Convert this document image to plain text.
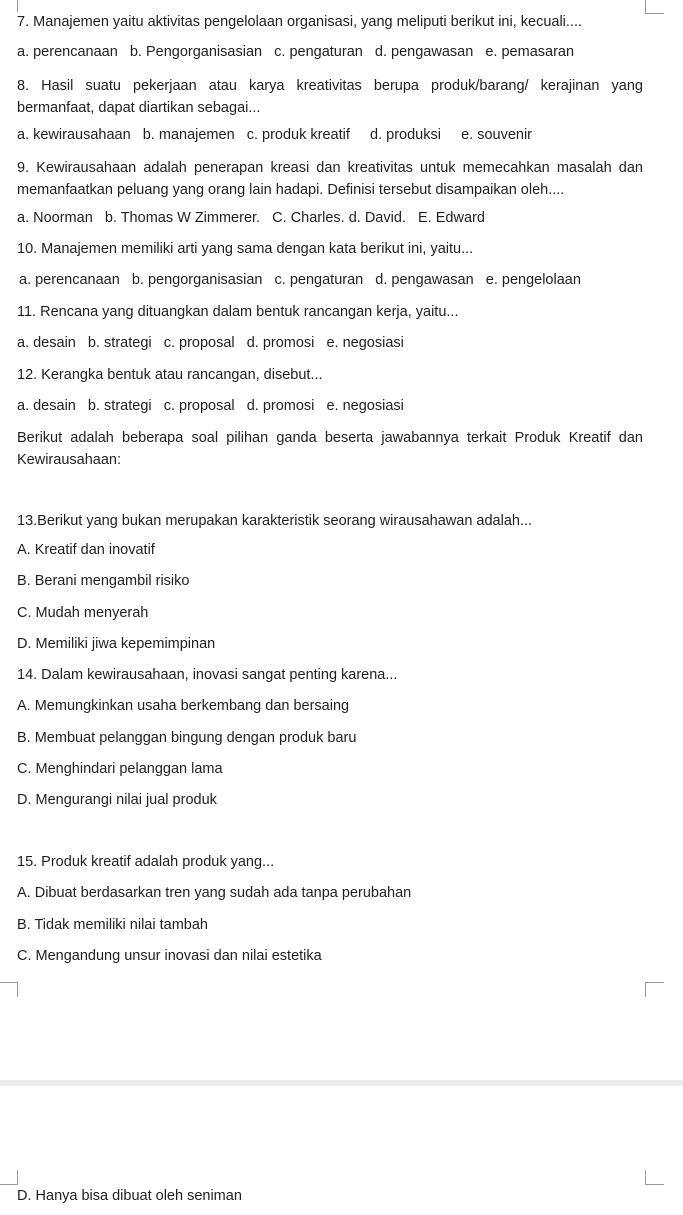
7. Manajemen yaitu aktivitas pengelolaan organisasi, yang meliputi berikut ini, kecuali....
a. perencanaan   b. Pengorganisasian   c. pengaturan   d. pengawasan   e. pemasaran
8. Hasil suatu pekerjaan atau karya kreativitas berupa produk/barang/ kerajinan yang bermanfaat, dapat diartikan sebagai...
a. kewirausahaan   b. manajemen   c. produk kreatif     d. produksi     e. souvenir
9. Kewirausahaan adalah penerapan kreasi dan kreativitas untuk memecahkan masalah dan memanfaatkan peluang yang orang lain hadapi. Definisi tersebut disampaikan oleh....
a. Noorman   b. Thomas W Zimmerer.   C. Charles. d. David.   E. Edward
10. Manajemen memiliki arti yang sama dengan kata berikut ini, yaitu...
a. perencanaan   b. pengorganisasian   c. pengaturan   d. pengawasan   e. pengelolaan
11. Rencana yang dituangkan dalam bentuk rancangan kerja, yaitu...
a. desain   b. strategi   c. proposal   d. promosi   e. negosiasi
12. Kerangka bentuk atau rancangan, disebut...
a. desain   b. strategi   c. proposal   d. promosi   e. negosiasi
Berikut adalah beberapa soal pilihan ganda beserta jawabannya terkait Produk Kreatif dan Kewirausahaan:
13.Berikut yang bukan merupakan karakteristik seorang wirausahawan adalah...
A. Kreatif dan inovatif
B. Berani mengambil risiko
C. Mudah menyerah
D. Memiliki jiwa kepemimpinan
14. Dalam kewirausahaan, inovasi sangat penting karena...
A. Memungkinkan usaha berkembang dan bersaing
B. Membuat pelanggan bingung dengan produk baru
C. Menghindari pelanggan lama
D. Mengurangi nilai jual produk
15. Produk kreatif adalah produk yang...
A. Dibuat berdasarkan tren yang sudah ada tanpa perubahan
B. Tidak memiliki nilai tambah
C. Mengandung unsur inovasi dan nilai estetika
D. Hanya bisa dibuat oleh seniman
